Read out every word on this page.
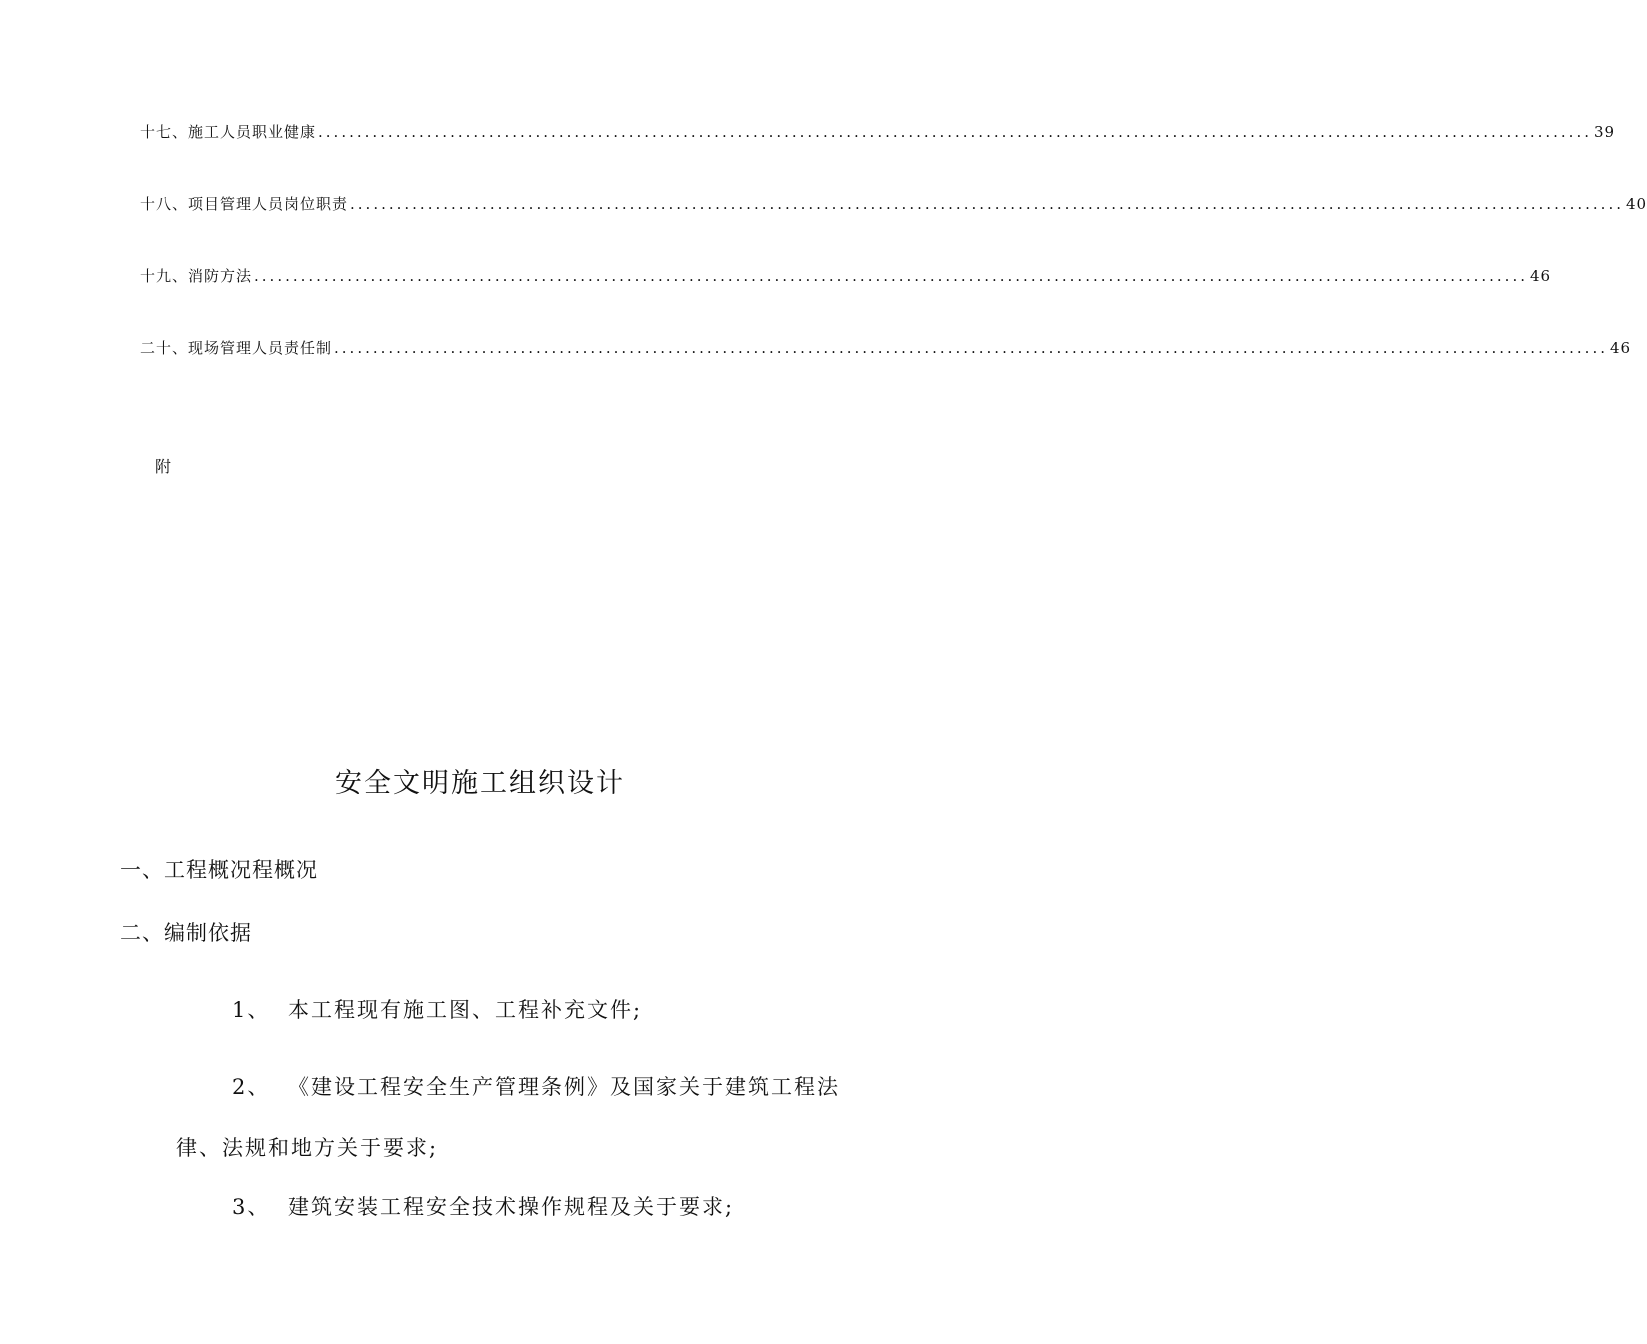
十七、施工人员职业健康 .................................................................................................................................................................... 39
十八、项目管理人员岗位职责 .................................................................................................................................................................... 40
十九、消防方法 .................................................................................................................................................................... 46
二十、现场管理人员责任制 .................................................................................................................................................................... 46
附
安全文明施工组织设计
一、工程概况程概况
二、编制依据
1、 本工程现有施工图、工程补充文件;
2、 《建设工程安全生产管理条例》及国家关于建筑工程法
律、法规和地方关于要求;
3、 建筑安装工程安全技术操作规程及关于要求;
